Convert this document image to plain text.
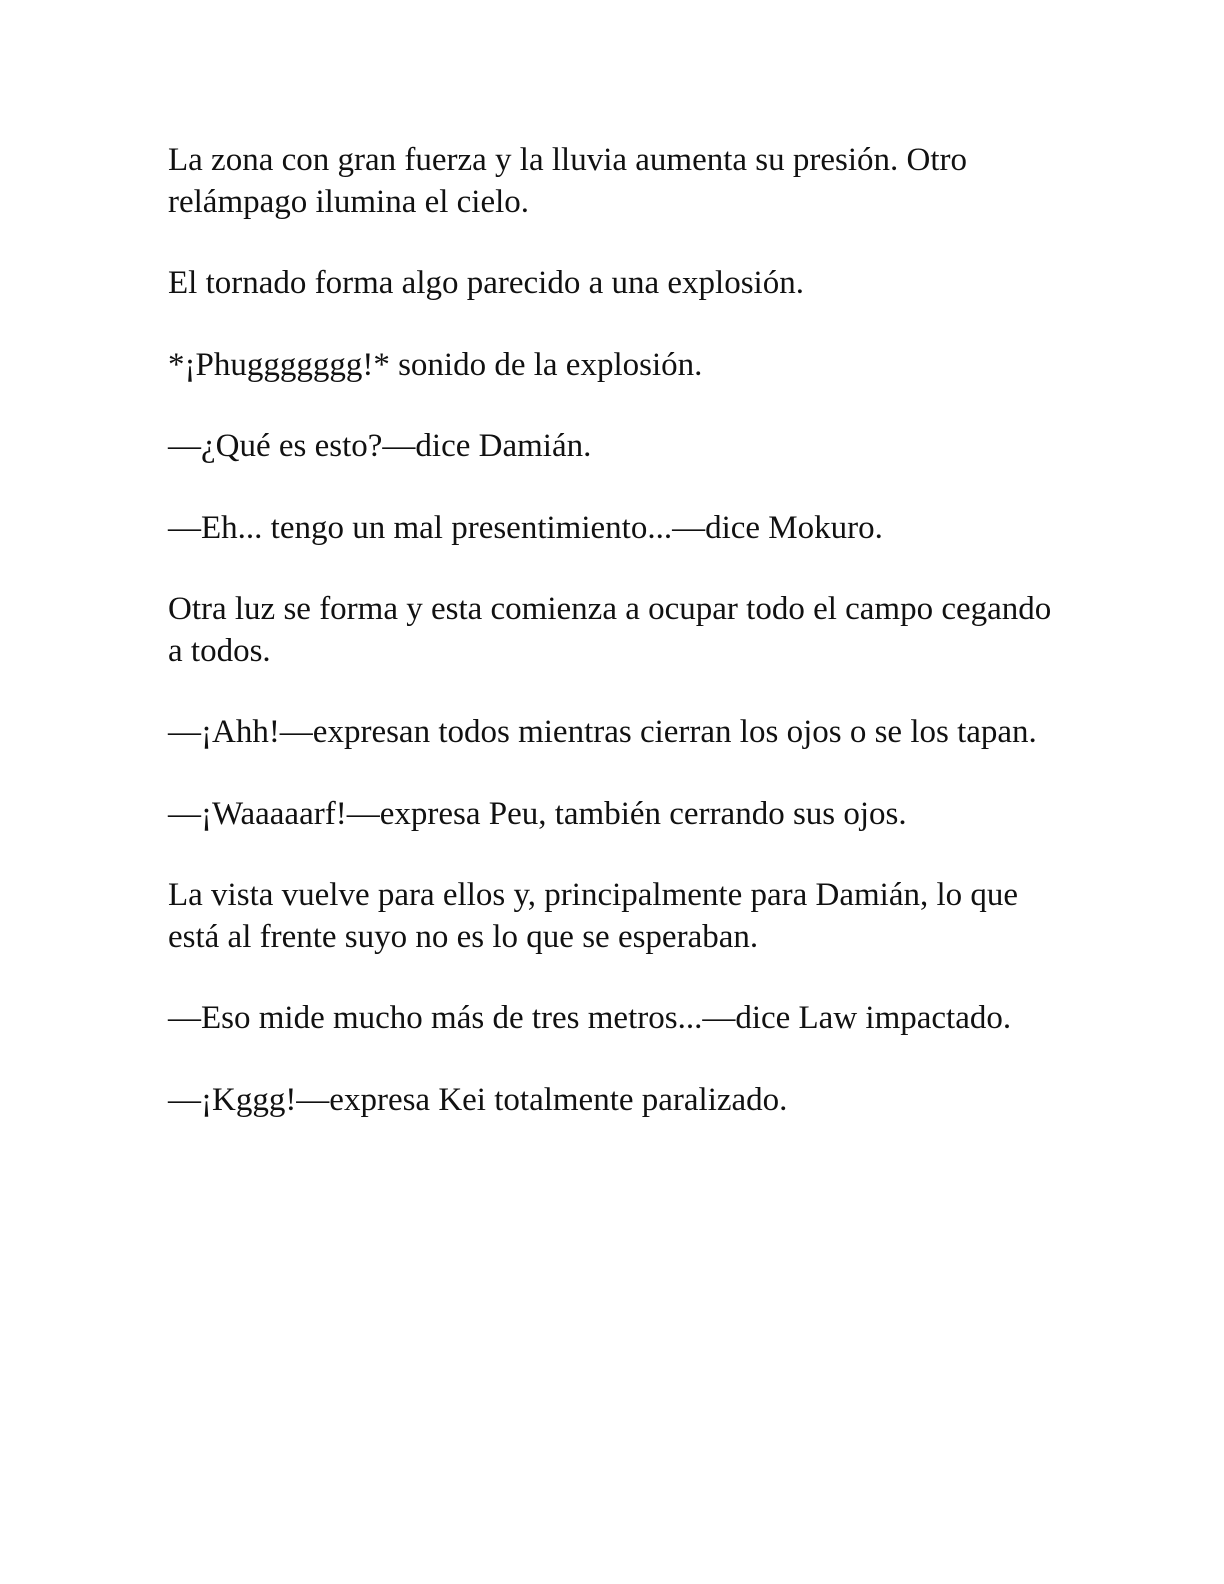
La zona con gran fuerza y la lluvia aumenta su presión. Otro relámpago ilumina el cielo.

El tornado forma algo parecido a una explosión.

*¡Phuggggggg!* sonido de la explosión.

—¿Qué es esto?—dice Damián.

—Eh... tengo un mal presentimiento...—dice Mokuro.

Otra luz se forma y esta comienza a ocupar todo el campo cegando a todos.

—¡Ahh!—expresan todos mientras cierran los ojos o se los tapan.

—¡Waaaaarf!—expresa Peu, también cerrando sus ojos.

La vista vuelve para ellos y, principalmente para Damián, lo que está al frente suyo no es lo que se esperaban.

—Eso mide mucho más de tres metros...—dice Law impactado.

—¡Kggg!—expresa Kei totalmente paralizado.
